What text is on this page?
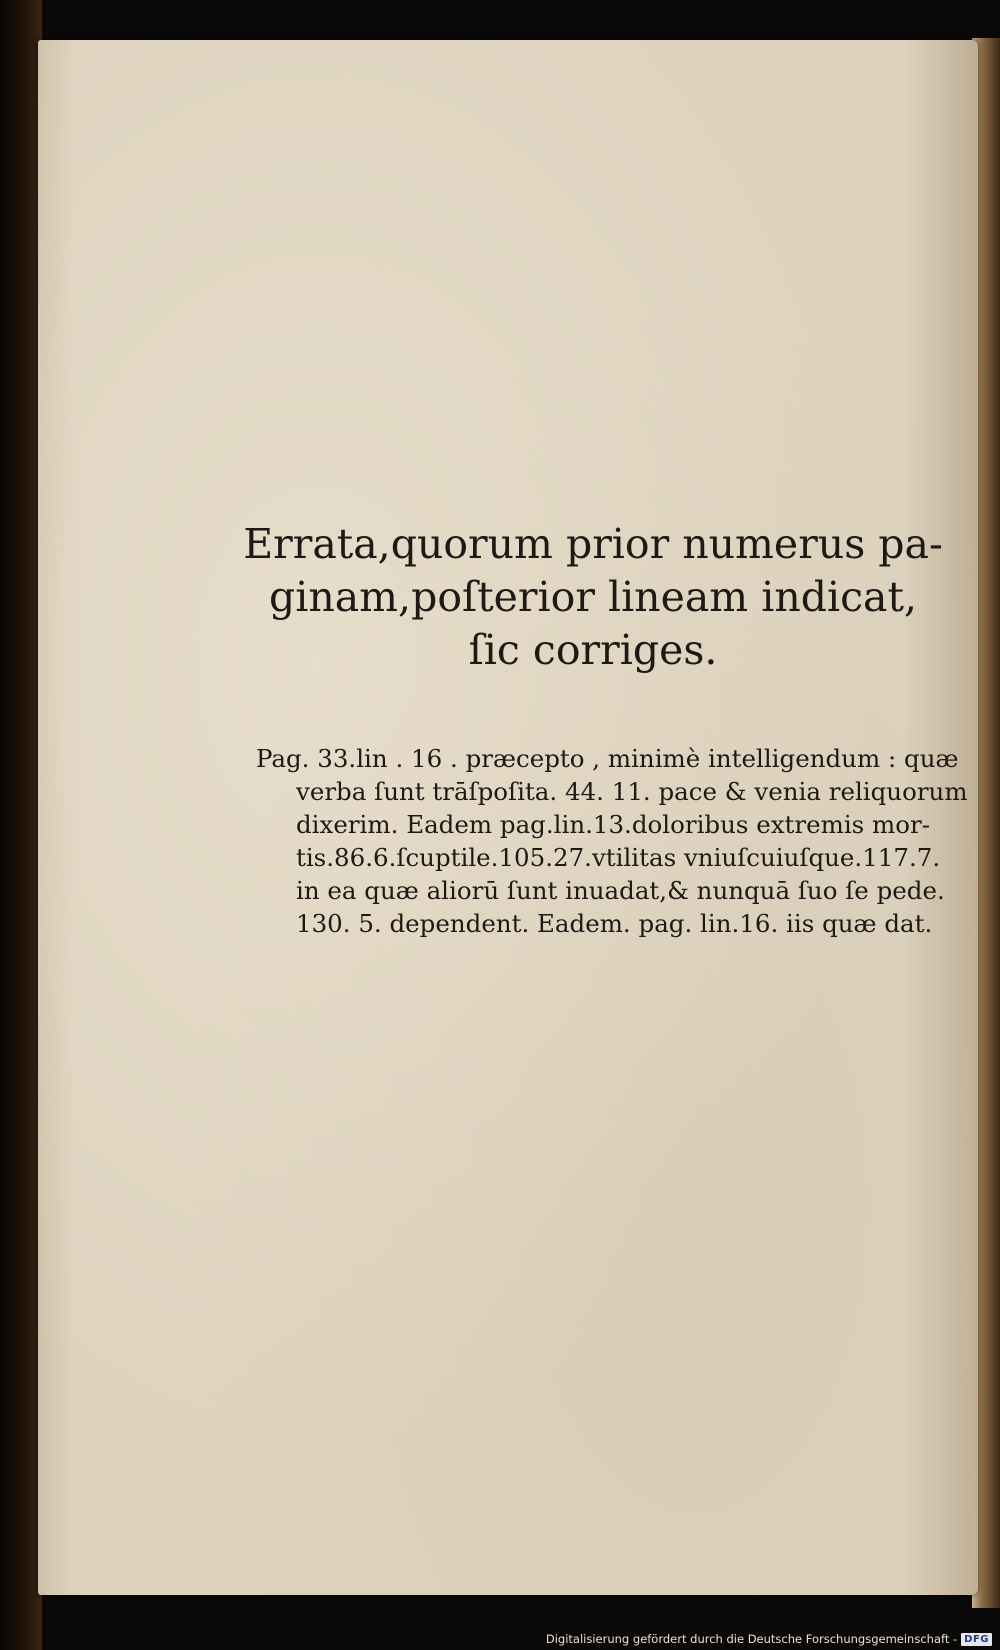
Errata,quorum prior numerus pa-
ginam,poſterior lineam indicat,
ſic corriges.
Pag. 33.lin . 16 . præcepto , minimè intelligendum : quæ
verba ſunt trāſpoſita. 44. 11. pace & venia reliquorum
dixerim. Eadem pag.lin.13.doloribus extremis mor-
tis.86.6.ſcuptile.105.27.vtilitas vniuſcuiuſque.117.7.
in ea quæ aliorū ſunt inuadat,& nunquā ſuo ſe pede.
130. 5. dependent. Eadem. pag. lin.16. iis quæ dat.
Digitalisierung gefördert durch die Deutsche Forschungsgemeinschaft - DFG
